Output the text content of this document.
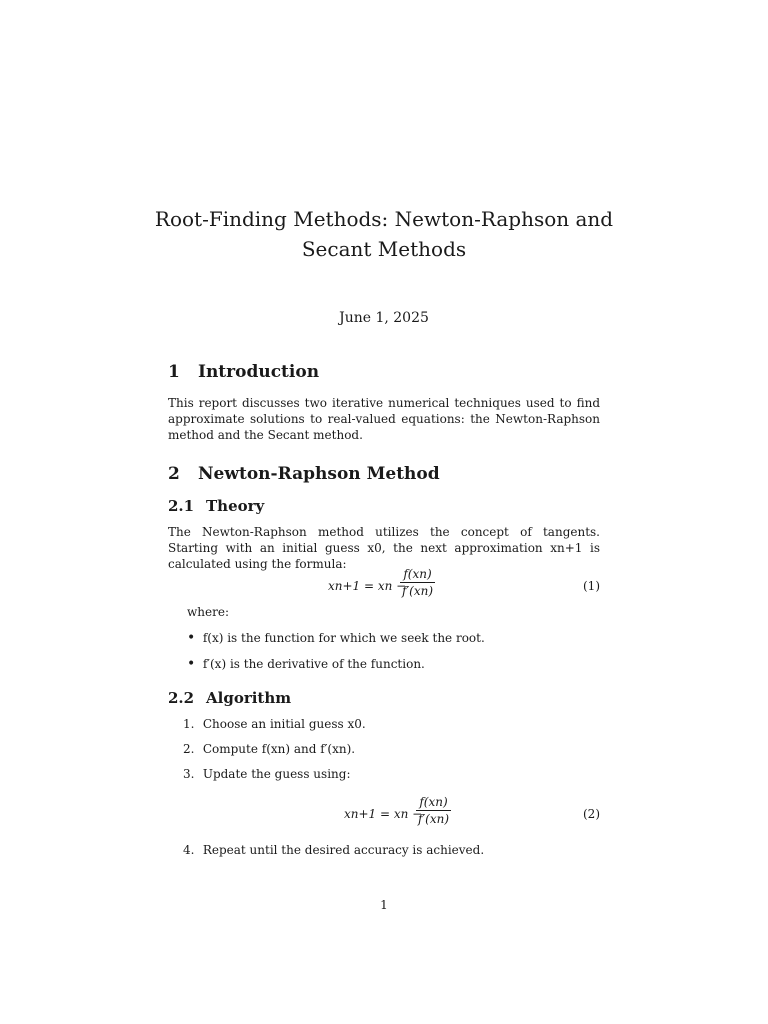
Root-Finding Methods: Newton-Raphson and
Secant Methods
June 1, 2025
1	Introduction

This report discusses two iterative numerical techniques used to find approximate solutions to real-valued equations: the Newton-Raphson method and the Secant method.

2	Newton-Raphson Method
2.1 Theory

The Newton-Raphson method utilizes the concept of tangents. Starting with an initial guess x0, the next approximation xn+1 is calculated using the formula:

xn+1 = xn −
f(xn)
f′(xn)	(1)
where:
• f(x) is the function for which we seek the root.
• f′(x) is the derivative of the function.
2.2 Algorithm
1. Choose an initial guess x0.
2. Compute f(xn) and f′(xn).
3. Update the guess using:
xn+1 = xn −
f(xn)
f′(xn)	(2)
4. Repeat until the desired accuracy is achieved.
1
